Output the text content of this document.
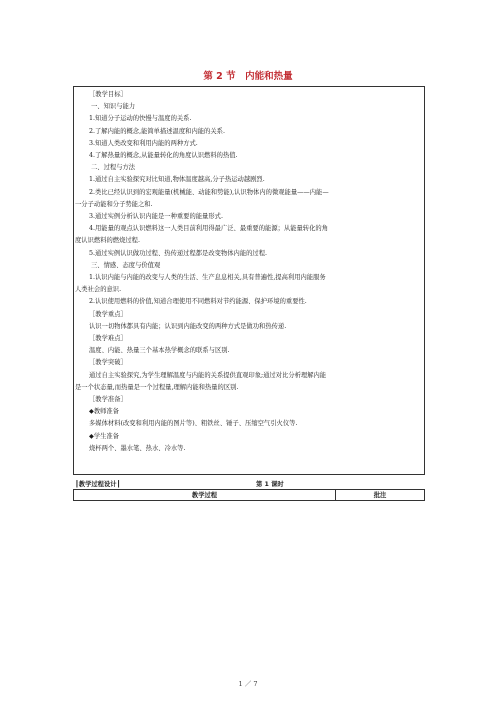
第 2 节　内能和热量
［教学目标］
一、知识与能力
1.知道分子运动的快慢与温度的关系.
2.了解内能的概念,能简单描述温度和内能的关系.
3.知道人类改变和利用内能的两种方式.
4.了解热量的概念,从能量转化的角度认识燃料的热值.
二、过程与方法
1.通过自主实验探究对比知道,物体温度越高,分子热运动越剧烈.
2.类比已经认识到的宏观能量(机械能、动能和势能),认识物体内的微观能量——内能—
一分子动能和分子势能之和.
3.通过实例分析认识内能是一种重要的能量形式.
4.用能量的观点认识燃料这一人类目前利用得最广泛、最重要的能源；从能量转化的角
度认识燃料的燃烧过程.
5.通过实例认识做功过程、热传递过程都是改变物体内能的过程.
三、情感、态度与价值观
1.认识内能与内能的改变与人类的生活、生产息息相关,具有普遍性,提高利用内能服务
人类社会的意识.
2.认识使用燃料的价值,知道合理使用不同燃料对节约能源、保护环境的重要性.
［教学重点］
认识一切物体都具有内能；认识到内能改变的两种方式是做功和热传递.
［教学难点］
温度、内能、热量三个基本热学概念的联系与区别.
［教学突破］
通过自主实验探究,为学生理解温度与内能的关系提供直观印象;通过对比分析理解内能
是一个状态量,而热量是一个过程量,理解内能和热量的区别.
［教学准备］
◆教师准备
多媒体材料(改变和利用内能的图片等)、粗铁丝、锤子、压缩空气引火仪等.
◆学生准备
烧杯两个、墨水笔、热水、冷水等.
┃教学过程设计┃	第 1 课时
教学过程	批注
1 ／ 7
